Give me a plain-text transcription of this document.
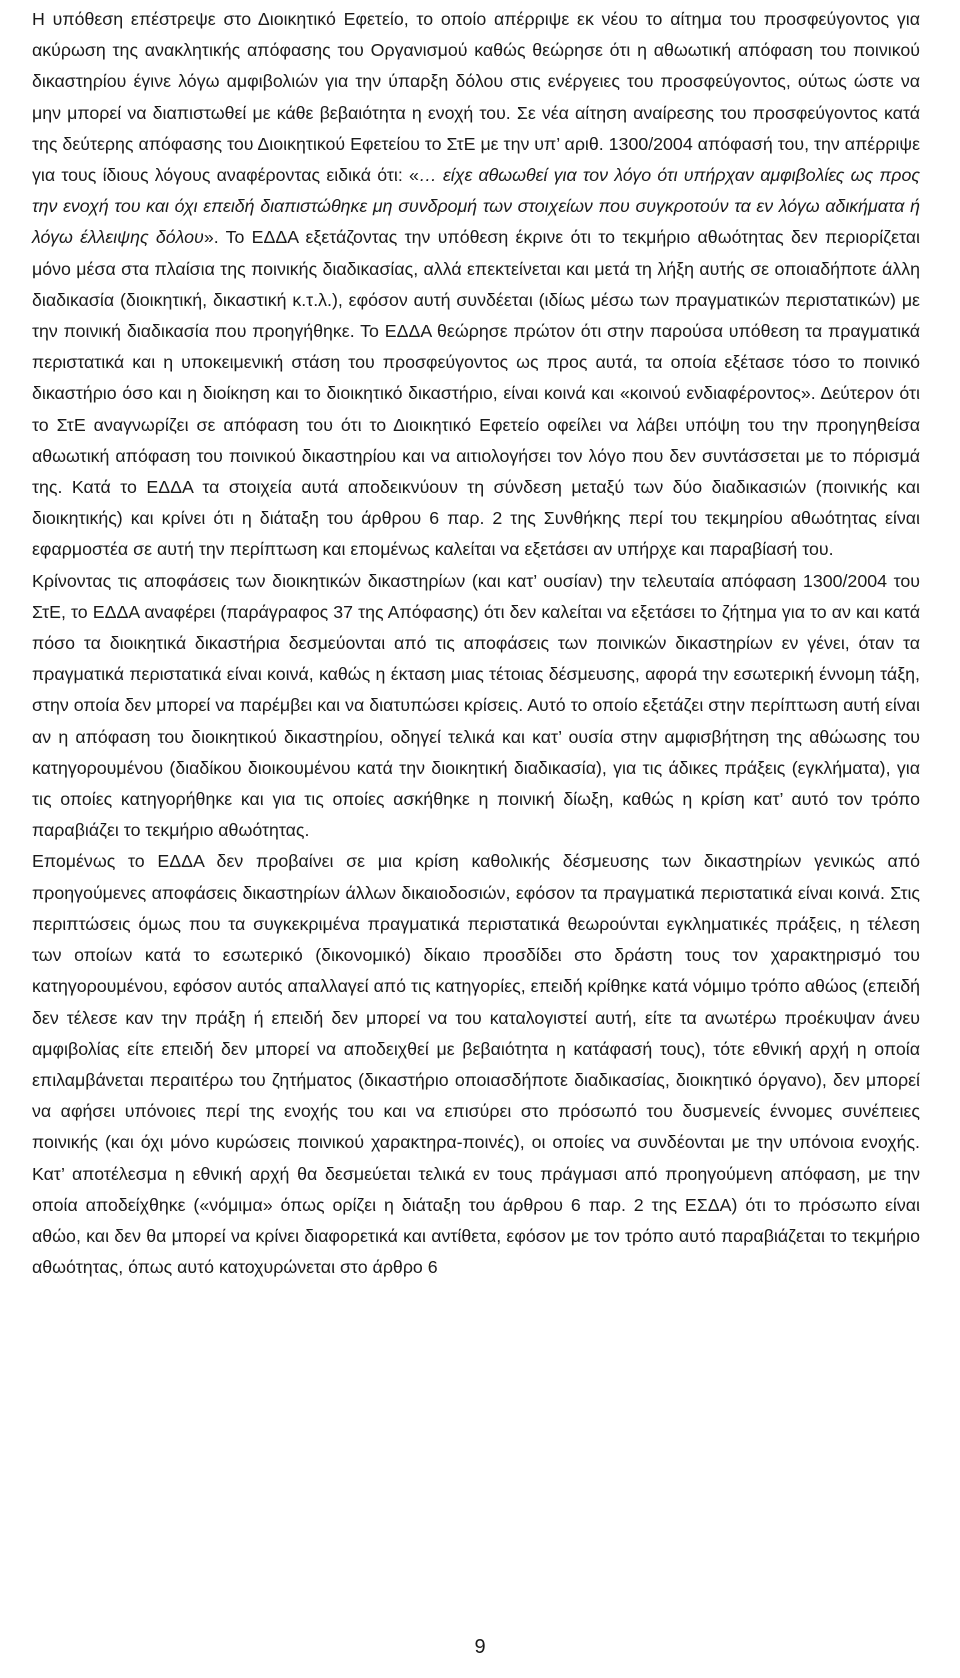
Η υπόθεση επέστρεψε στο Διοικητικό Εφετείο, το οποίο απέρριψε εκ νέου το αίτημα του προσφεύγοντος για ακύρωση της ανακλητικής απόφασης του Οργανισμού καθώς θεώρησε ότι η αθωωτική απόφαση του ποινικού δικαστηρίου έγινε λόγω αμφιβολιών για την ύπαρξη δόλου στις ενέργειες του προσφεύγοντος, ούτως ώστε να μην μπορεί να διαπιστωθεί με κάθε βεβαιότητα η ενοχή του. Σε νέα αίτηση αναίρεσης του προσφεύγοντος κατά της δεύτερης απόφασης του Διοικητικού Εφετείου το ΣτΕ με την υπ’ αριθ. 1300/2004 απόφασή του, την απέρριψε για τους ίδιους λόγους αναφέροντας ειδικά ότι: «… είχε αθωωθεί για τον λόγο ότι υπήρχαν αμφιβολίες ως προς την ενοχή του και όχι επειδή διαπιστώθηκε μη συνδρομή των στοιχείων που συγκροτούν τα εν λόγω αδικήματα ή λόγω έλλειψης δόλου». Το ΕΔΔΑ εξετάζοντας την υπόθεση έκρινε ότι το τεκμήριο αθωότητας δεν περιορίζεται μόνο μέσα στα πλαίσια της ποινικής διαδικασίας, αλλά επεκτείνεται και μετά τη λήξη αυτής σε οποιαδήποτε άλλη διαδικασία (διοικητική, δικαστική κ.τ.λ.), εφόσον αυτή συνδέεται (ιδίως μέσω των πραγματικών περιστατικών) με την ποινική διαδικασία που προηγήθηκε. Το ΕΔΔΑ θεώρησε πρώτον ότι στην παρούσα υπόθεση τα πραγματικά περιστατικά και η υποκειμενική στάση του προσφεύγοντος ως προς αυτά, τα οποία εξέτασε τόσο το ποινικό δικαστήριο όσο και η διοίκηση και το διοικητικό δικαστήριο, είναι κοινά και «κοινού ενδιαφέροντος». Δεύτερον ότι το ΣτΕ αναγνωρίζει σε απόφαση του ότι το Διοικητικό Εφετείο οφείλει να λάβει υπόψη του την προηγηθείσα αθωωτική απόφαση του ποινικού δικαστηρίου και να αιτιολογήσει τον λόγο που δεν συντάσσεται με το πόρισμά της. Κατά το ΕΔΔΑ τα στοιχεία αυτά αποδεικνύουν τη σύνδεση μεταξύ των δύο διαδικασιών (ποινικής και διοικητικής) και κρίνει ότι η διάταξη του άρθρου 6 παρ. 2 της Συνθήκης περί του τεκμηρίου αθωότητας είναι εφαρμοστέα σε αυτή την περίπτωση και επομένως καλείται να εξετάσει αν υπήρχε και παραβίασή του.

Κρίνοντας τις αποφάσεις των διοικητικών δικαστηρίων (και κατ’ ουσίαν) την τελευταία απόφαση 1300/2004 του ΣτΕ, το ΕΔΔΑ αναφέρει (παράγραφος 37 της Απόφασης) ότι δεν καλείται να εξετάσει το ζήτημα για το αν και κατά πόσο τα διοικητικά δικαστήρια δεσμεύονται από τις αποφάσεις των ποινικών δικαστηρίων εν γένει, όταν τα πραγματικά περιστατικά είναι κοινά, καθώς η έκταση μιας τέτοιας δέσμευσης, αφορά την εσωτερική έννομη τάξη, στην οποία δεν μπορεί να παρέμβει και να διατυπώσει κρίσεις. Αυτό το οποίο εξετάζει στην περίπτωση αυτή είναι αν η απόφαση του διοικητικού δικαστηρίου, οδηγεί τελικά και κατ’ ουσία στην αμφισβήτηση της αθώωσης του κατηγορουμένου (διαδίκου διοικουμένου κατά την διοικητική διαδικασία), για τις άδικες πράξεις (εγκλήματα), για τις οποίες κατηγορήθηκε και για τις οποίες ασκήθηκε η ποινική δίωξη, καθώς η κρίση κατ’ αυτό τον τρόπο παραβιάζει το τεκμήριο αθωότητας.

Επομένως το ΕΔΔΑ δεν προβαίνει σε μια κρίση καθολικής δέσμευσης των δικαστηρίων γενικώς από προηγούμενες αποφάσεις δικαστηρίων άλλων δικαιοδοσιών, εφόσον τα πραγματικά περιστατικά είναι κοινά. Στις περιπτώσεις όμως που τα συγκεκριμένα πραγματικά περιστατικά θεωρούνται εγκληματικές πράξεις, η τέλεση των οποίων κατά το εσωτερικό (δικονομικό) δίκαιο προσδίδει στο δράστη τους τον χαρακτηρισμό του κατηγορουμένου, εφόσον αυτός απαλλαγεί από τις κατηγορίες, επειδή κρίθηκε κατά νόμιμο τρόπο αθώος (επειδή δεν τέλεσε καν την πράξη ή επειδή δεν μπορεί να του καταλογιστεί αυτή, είτε τα ανωτέρω προέκυψαν άνευ αμφιβολίας είτε επειδή δεν μπορεί να αποδειχθεί με βεβαιότητα η κατάφασή τους), τότε εθνική αρχή η οποία επιλαμβάνεται περαιτέρω του ζητήματος (δικαστήριο οποιασδήποτε διαδικασίας, διοικητικό όργανο), δεν μπορεί να αφήσει υπόνοιες περί της ενοχής του και να επισύρει στο πρόσωπό του δυσμενείς έννομες συνέπειες ποινικής (και όχι μόνο κυρώσεις ποινικού χαρακτηρα-ποινές), οι οποίες να συνδέονται με την υπόνοια ενοχής. Κατ’ αποτέλεσμα η εθνική αρχή θα δεσμεύεται τελικά εν τους πράγμασι από προηγούμενη απόφαση, με την οποία αποδείχθηκε («νόμιμα» όπως ορίζει η διάταξη του άρθρου 6 παρ. 2 της ΕΣΔΑ) ότι το πρόσωπο είναι αθώο, και δεν θα μπορεί να κρίνει διαφορετικά και αντίθετα, εφόσον με τον τρόπο αυτό παραβιάζεται το τεκμήριο αθωότητας, όπως αυτό κατοχυρώνεται στο άρθρο 6

9
